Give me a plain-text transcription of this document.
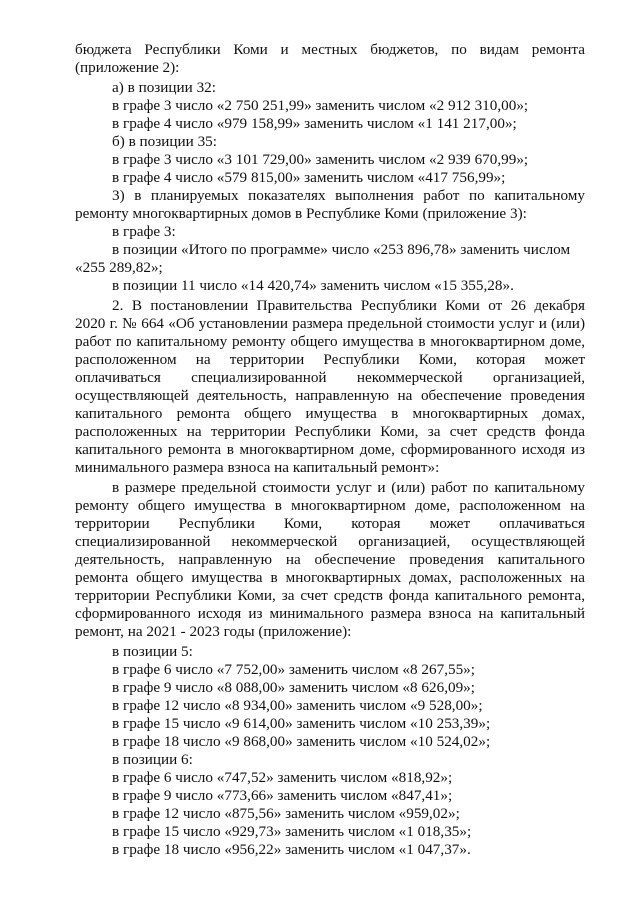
бюджета Республики Коми и местных бюджетов, по видам ремонта

(приложение 2):

а) в позиции 32:

в графе 3 число «2 750 251,99» заменить числом «2 912 310,00»;

в графе 4 число «979 158,99» заменить числом «1 141 217,00»;

б) в позиции 35:

в графе 3 число «3 101 729,00» заменить числом «2 939 670,99»;

в графе 4 число «579 815,00» заменить числом «417 756,99»;

3) в планируемых показателях выполнения работ по капитальному

ремонту многоквартирных домов в Республике Коми (приложение 3):

в графе 3:

в позиции «Итого по программе» число «253 896,78» заменить числом

«255 289,82»;

в позиции 11 число «14 420,74» заменить числом «15 355,28».

2. В постановлении Правительства Республики Коми от 26 декабря

2020 г. № 664 «Об установлении размера предельной стоимости услуг и (или)

работ по капитальному ремонту общего имущества в многоквартирном доме,

расположенном на территории Республики Коми, которая может

оплачиваться специализированной некоммерческой организацией,

осуществляющей деятельность, направленную на обеспечение проведения

капитального ремонта общего имущества в многоквартирных домах,

расположенных на территории Республики Коми, за счет средств фонда

капитального ремонта в многоквартирном доме, сформированного исходя из

минимального размера взноса на капитальный ремонт»:

в размере предельной стоимости услуг и (или) работ по капитальному

ремонту общего имущества в многоквартирном доме, расположенном на

территории Республики Коми, которая может оплачиваться

специализированной некоммерческой организацией, осуществляющей

деятельность, направленную на обеспечение проведения капитального

ремонта общего имущества в многоквартирных домах, расположенных на

территории Республики Коми, за счет средств фонда капитального ремонта,

сформированного исходя из минимального размера взноса на капитальный

ремонт, на 2021 - 2023 годы (приложение):

в позиции 5:

в графе 6 число «7 752,00» заменить числом «8 267,55»;

в графе 9 число «8 088,00» заменить числом «8 626,09»;

в графе 12 число «8 934,00» заменить числом «9 528,00»;

в графе 15 число «9 614,00» заменить числом «10 253,39»;

в графе 18 число «9 868,00» заменить числом «10 524,02»;

в позиции 6:

в графе 6 число «747,52» заменить числом «818,92»;

в графе 9 число «773,66» заменить числом «847,41»;

в графе 12 число «875,56» заменить числом «959,02»;

в графе 15 число «929,73» заменить числом «1 018,35»;

в графе 18 число «956,22» заменить числом «1 047,37».
